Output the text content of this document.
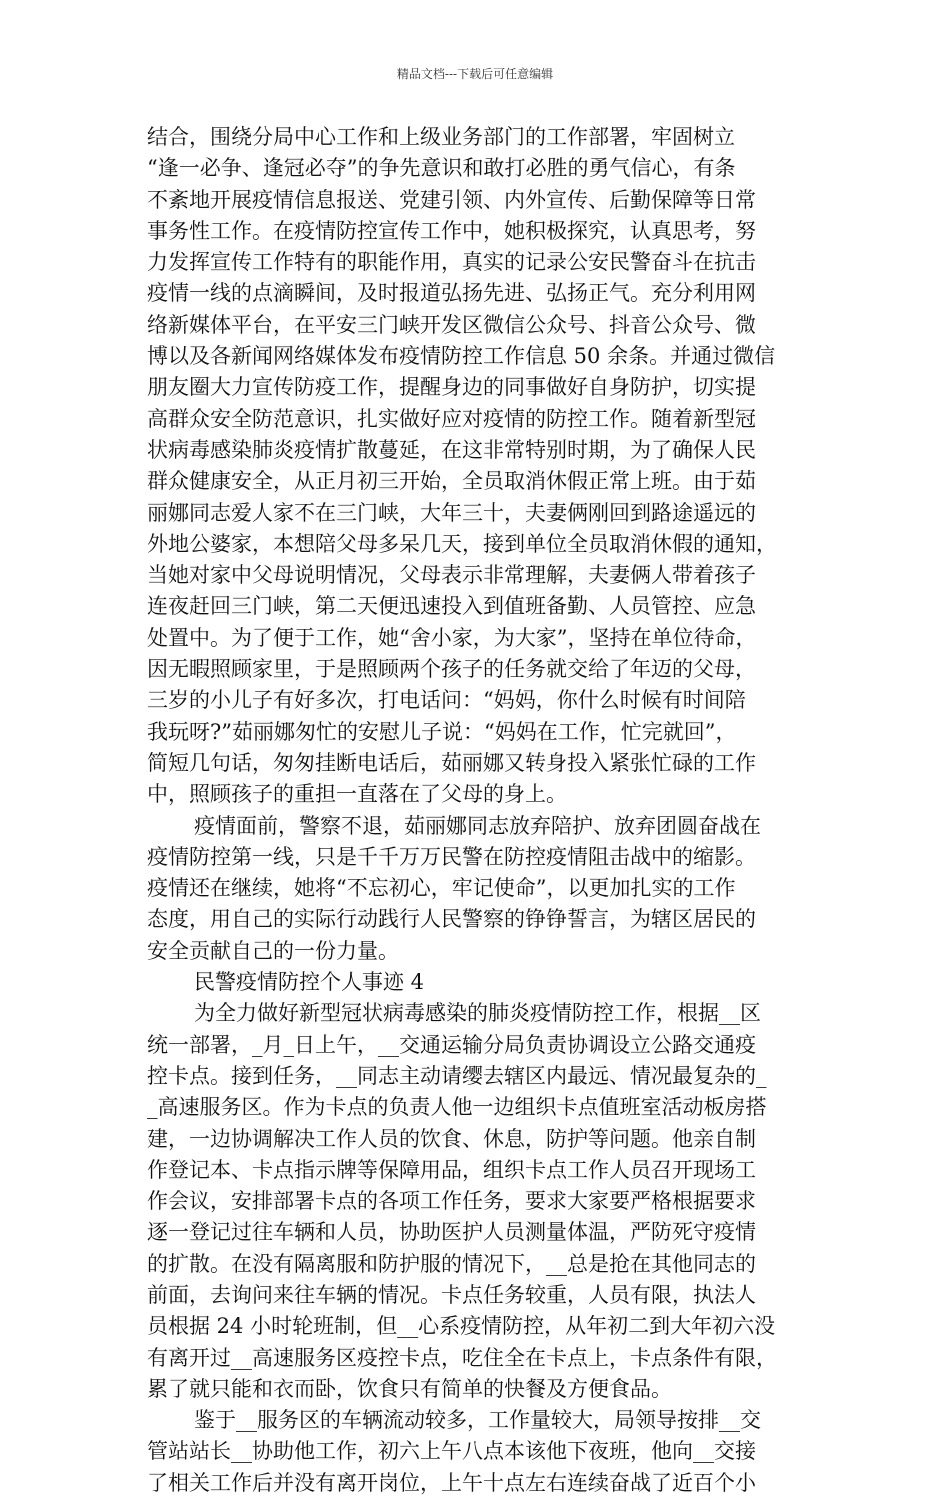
精品文档---下载后可任意编辑
结合，围绕分局中心工作和上级业务部门的工作部署，牢固树立
“逢一必争、逢冠必夺”的争先意识和敢打必胜的勇气信心，有条
不紊地开展疫情信息报送、党建引领、内外宣传、后勤保障等日常
事务性工作。在疫情防控宣传工作中，她积极探究，认真思考，努
力发挥宣传工作特有的职能作用，真实的记录公安民警奋斗在抗击
疫情一线的点滴瞬间，及时报道弘扬先进、弘扬正气。充分利用网
络新媒体平台，在平安三门峡开发区微信公众号、抖音公众号、微
博以及各新闻网络媒体发布疫情防控工作信息 50 余条。并通过微信
朋友圈大力宣传防疫工作，提醒身边的同事做好自身防护，切实提
高群众安全防范意识，扎实做好应对疫情的防控工作。随着新型冠
状病毒感染肺炎疫情扩散蔓延，在这非常特别时期，为了确保人民
群众健康安全，从正月初三开始，全员取消休假正常上班。由于茹
丽娜同志爱人家不在三门峡，大年三十，夫妻俩刚回到路途遥远的
外地公婆家，本想陪父母多呆几天，接到单位全员取消休假的通知，
当她对家中父母说明情况，父母表示非常理解，夫妻俩人带着孩子
连夜赶回三门峡，第二天便迅速投入到值班备勤、人员管控、应急
处置中。为了便于工作，她“舍小家，为大家”，坚持在单位待命，
因无暇照顾家里，于是照顾两个孩子的任务就交给了年迈的父母，
三岁的小儿子有好多次，打电话问：“妈妈，你什么时候有时间陪
我玩呀?”茹丽娜匆忙的安慰儿子说：“妈妈在工作，忙完就回”，
简短几句话，匆匆挂断电话后，茹丽娜又转身投入紧张忙碌的工作
中，照顾孩子的重担一直落在了父母的身上。
疫情面前，警察不退，茹丽娜同志放弃陪护、放弃团圆奋战在
疫情防控第一线，只是千千万万民警在防控疫情阻击战中的缩影。
疫情还在继续，她将“不忘初心，牢记使命”，以更加扎实的工作
态度，用自己的实际行动践行人民警察的铮铮誓言，为辖区居民的
安全贡献自己的一份力量。
民警疫情防控个人事迹 4
为全力做好新型冠状病毒感染的肺炎疫情防控工作，根据__区
统一部署，_月_日上午，__交通运输分局负责协调设立公路交通疫
控卡点。接到任务，__同志主动请缨去辖区内最远、情况最复杂的_
_高速服务区。作为卡点的负责人他一边组织卡点值班室活动板房搭
建，一边协调解决工作人员的饮食、休息，防护等问题。他亲自制
作登记本、卡点指示牌等保障用品，组织卡点工作人员召开现场工
作会议，安排部署卡点的各项工作任务，要求大家要严格根据要求
逐一登记过往车辆和人员，协助医护人员测量体温，严防死守疫情
的扩散。在没有隔离服和防护服的情况下，__总是抢在其他同志的
前面，去询问来往车辆的情况。卡点任务较重，人员有限，执法人
员根据 24 小时轮班制，但__心系疫情防控，从年初二到大年初六没
有离开过__高速服务区疫控卡点，吃住全在卡点上，卡点条件有限，
累了就只能和衣而卧，饮食只有简单的快餐及方便食品。
鉴于__服务区的车辆流动较多，工作量较大，局领导按排__交
管站站长__协助他工作，初六上午八点本该他下夜班，他向__交接
了相关工作后并没有离开岗位，上午十点左右连续奋战了近百个小
